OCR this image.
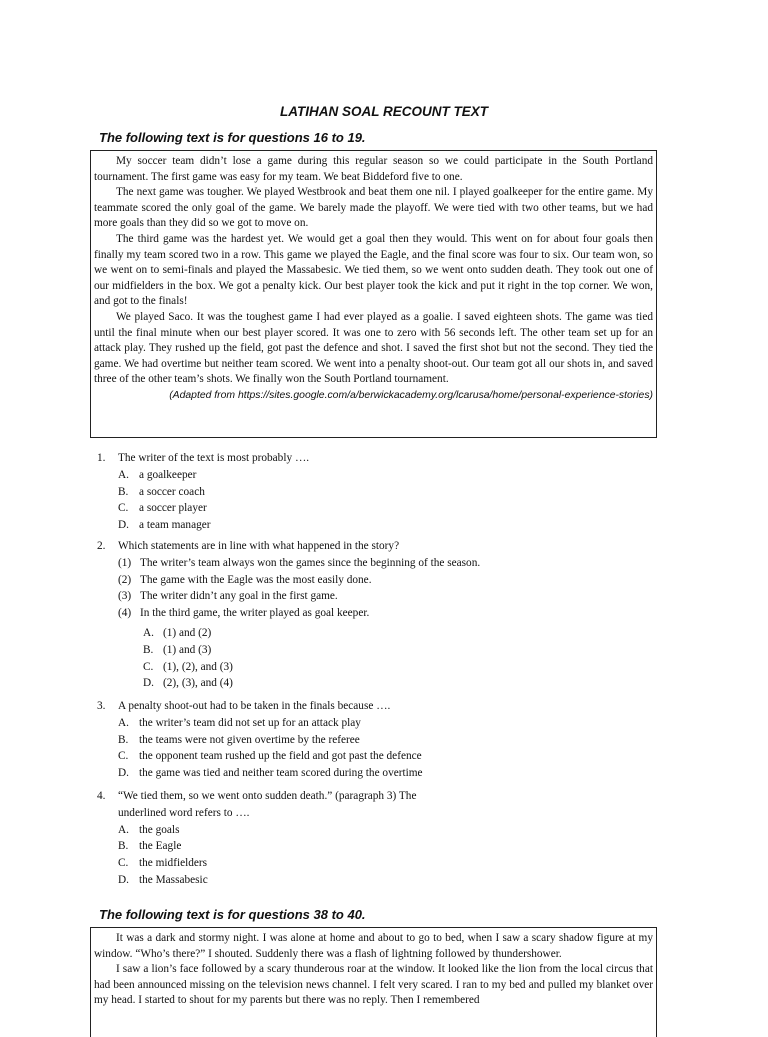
LATIHAN SOAL RECOUNT TEXT
The following text is for questions 16 to 19.

My soccer team didn’t lose a game during this regular season so we could participate in the South Portland tournament. The first game was easy for my team. We beat Biddeford five to one.

The next game was tougher. We played Westbrook and beat them one nil. I played goalkeeper for the entire game. My teammate scored the only goal of the game. We barely made the playoff. We were tied with two other teams, but we had more goals than they did so we got to move on.

The third game was the hardest yet. We would get a goal then they would. This went on for about four goals then finally my team scored two in a row. This game we played the Eagle, and the final score was four to six. Our team won, so we went on to semi-finals and played the Massabesic. We tied them, so we went onto sudden death. They took out one of our midfielders in the box. We got a penalty kick. Our best player took the kick and put it right in the top corner. We won, and got to the finals!

We played Saco. It was the toughest game I had ever played as a goalie. I saved eighteen shots. The game was tied until the final minute when our best player scored. It was one to zero with 56 seconds left. The other team set up for an attack play. They rushed up the field, got past the defence and shot. I saved the first shot but not the second. They tied the game. We had overtime but neither team scored. We went into a penalty shoot-out. Our team got all our shots in, and saved three of the other team’s shots. We finally won the South Portland tournament.

(Adapted from https://sites.google.com/a/berwickacademy.org/lcarusa/home/personal-experience-stories)

1.	The writer of the text is most probably ….
A. a goalkeeper
B. a soccer coach
C. a soccer player
D. a team manager
2.	Which statements are in line with what happened in the story?
(1) The writer’s team always won the games since the beginning of the season.
(2) The game with the Eagle was the most easily done.
(3) The writer didn’t any goal in the first game.
(4) In the third game, the writer played as goal keeper.
A. (1) and (2)
B. (1) and (3)
C. (1), (2), and (3)
D. (2), (3), and (4)
3.	A penalty shoot-out had to be taken in the finals because ….
A. the writer’s team did not set up for an attack play
B. the teams were not given overtime by the referee
C. the opponent team rushed up the field and got past the defence
D. the game was tied and neither team scored during the overtime
4.	“We tied them, so we went onto sudden death.” (paragraph 3) The
underlined word refers to ….
A. the goals
B. the Eagle
C. the midfielders
D. the Massabesic
The following text is for questions 38 to 40.

It was a dark and stormy night. I was alone at home and about to go to bed, when I saw a scary shadow figure at my window. “Who’s there?” I shouted. Suddenly there was a flash of lightning followed by thundershower.

I saw a lion’s face followed by a scary thunderous roar at the window. It looked like the lion from the local circus that had been announced missing on the television news channel. I felt very scared. I ran to my bed and pulled my blanket over my head. I started to shout for my parents but there was no reply. Then I remembered
